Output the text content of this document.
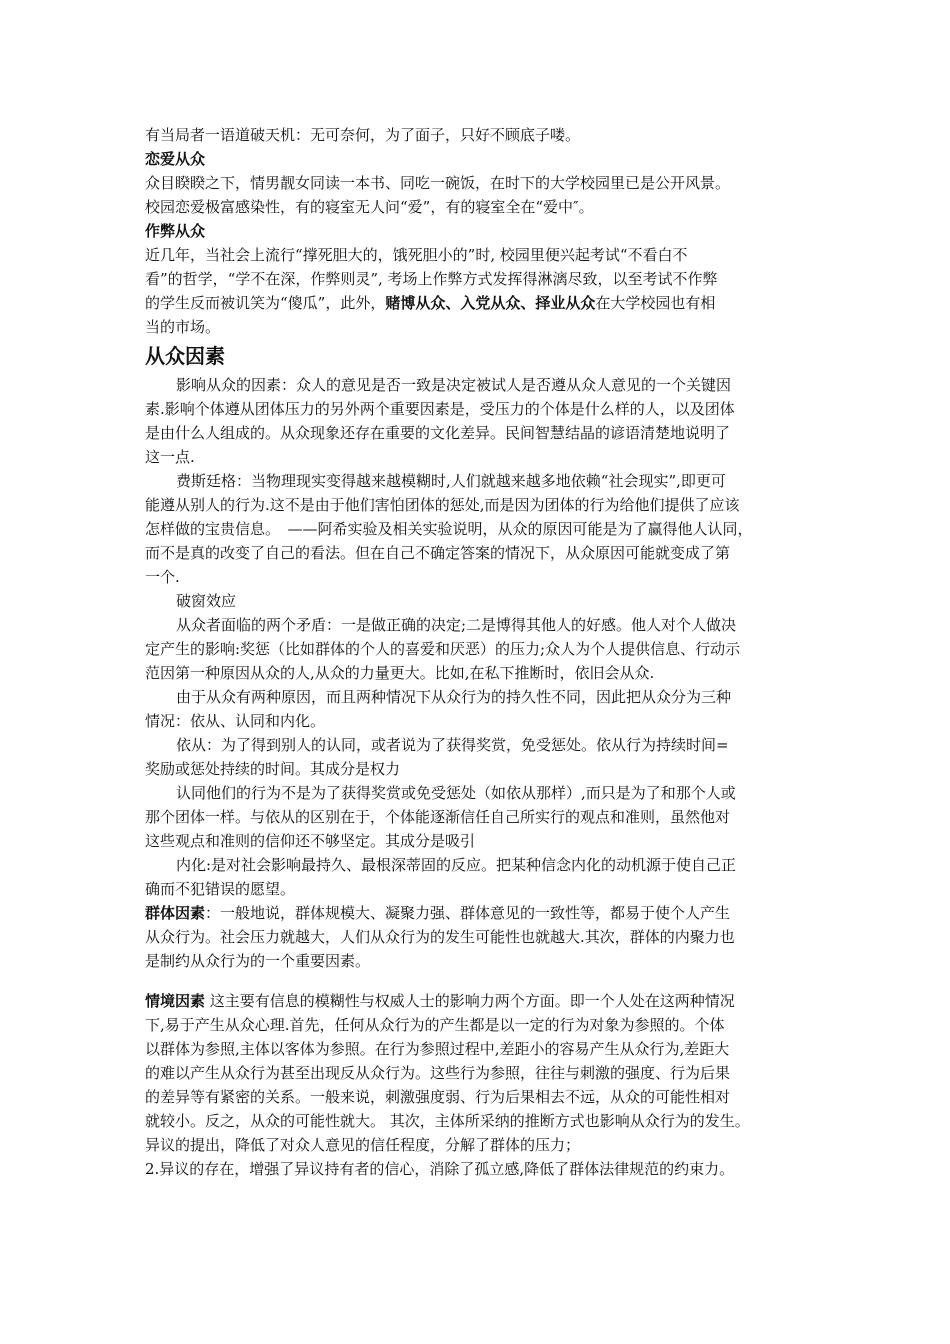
有当局者一语道破天机：无可奈何，为了面子，只好不顾底子喽。
恋爱从众
众目睽睽之下，情男靓女同读一本书、同吃一碗饭，在时下的大学校园里已是公开风景。
校园恋爱极富感染性，有的寝室无人问“爱”，有的寝室全在“爱中″。
作弊从众
近几年，当社会上流行“撑死胆大的，饿死胆小的”时, 校园里便兴起考试“不看白不
看”的哲学，“学不在深，作弊则灵”, 考场上作弊方式发挥得淋漓尽致，以至考试不作弊
的学生反而被讥笑为“傻瓜”，此外，赌博从众、入党从众、择业从众在大学校园也有相
当的市场。
从众因素
影响从众的因素：众人的意见是否一致是决定被试人是否遵从众人意见的一个关键因
素.影响个体遵从团体压力的另外两个重要因素是，受压力的个体是什么样的人，以及团体
是由什么人组成的。从众现象还存在重要的文化差异。民间智慧结晶的谚语清楚地说明了
这一点.
费斯廷格：当物理现实变得越来越模糊时,人们就越来越多地依赖“社会现实”,即更可
能遵从别人的行为.这不是由于他们害怕团体的惩处,而是因为团体的行为给他们提供了应该
怎样做的宝贵信息。　——阿希实验及相关实验说明，从众的原因可能是为了赢得他人认同，
而不是真的改变了自己的看法。但在自己不确定答案的情况下，从众原因可能就变成了第
一个.
破窗效应
从众者面临的两个矛盾：一是做正确的决定;二是博得其他人的好感。他人对个人做决
定产生的影响:奖惩（比如群体的个人的喜爱和厌恶）的压力;众人为个人提供信息、行动示
范因第一种原因从众的人,从众的力量更大。比如,在私下推断时，依旧会从众.
由于从众有两种原因，而且两种情况下从众行为的持久性不同，因此把从众分为三种
情况：依从、认同和内化。
依从：为了得到别人的认同，或者说为了获得奖赏，免受惩处。依从行为持续时间=
奖励或惩处持续的时间。其成分是权力
认同他们的行为不是为了获得奖赏或免受惩处（如依从那样）,而只是为了和那个人或
那个团体一样。与依从的区别在于，个体能逐渐信任自己所实行的观点和准则，虽然他对
这些观点和准则的信仰还不够坚定。其成分是吸引
内化:是对社会影响最持久、最根深蒂固的反应。把某种信念内化的动机源于使自己正
确而不犯错误的愿望。
群体因素：一般地说，群体规模大、凝聚力强、群体意见的一致性等，都易于使个人产生
从众行为。社会压力就越大，人们从众行为的发生可能性也就越大.其次，群体的内聚力也
是制约从众行为的一个重要因素。
情境因素 这主要有信息的模糊性与权威人士的影响力两个方面。即一个人处在这两种情况
下,易于产生从众心理.首先，任何从众行为的产生都是以一定的行为对象为参照的。个体
以群体为参照,主体以客体为参照。在行为参照过程中,差距小的容易产生从众行为,差距大
的难以产生从众行为甚至出现反从众行为。这些行为参照，往往与刺激的强度、行为后果
的差异等有紧密的关系。一般来说，刺激强度弱、行为后果相去不远，从众的可能性相对
就较小。反之，从众的可能性就大。 其次，主体所采纳的推断方式也影响从众行为的发生。
异议的提出，降低了对众人意见的信任程度，分解了群体的压力；
2.异议的存在，增强了异议持有者的信心，消除了孤立感,降低了群体法律规范的约束力。
